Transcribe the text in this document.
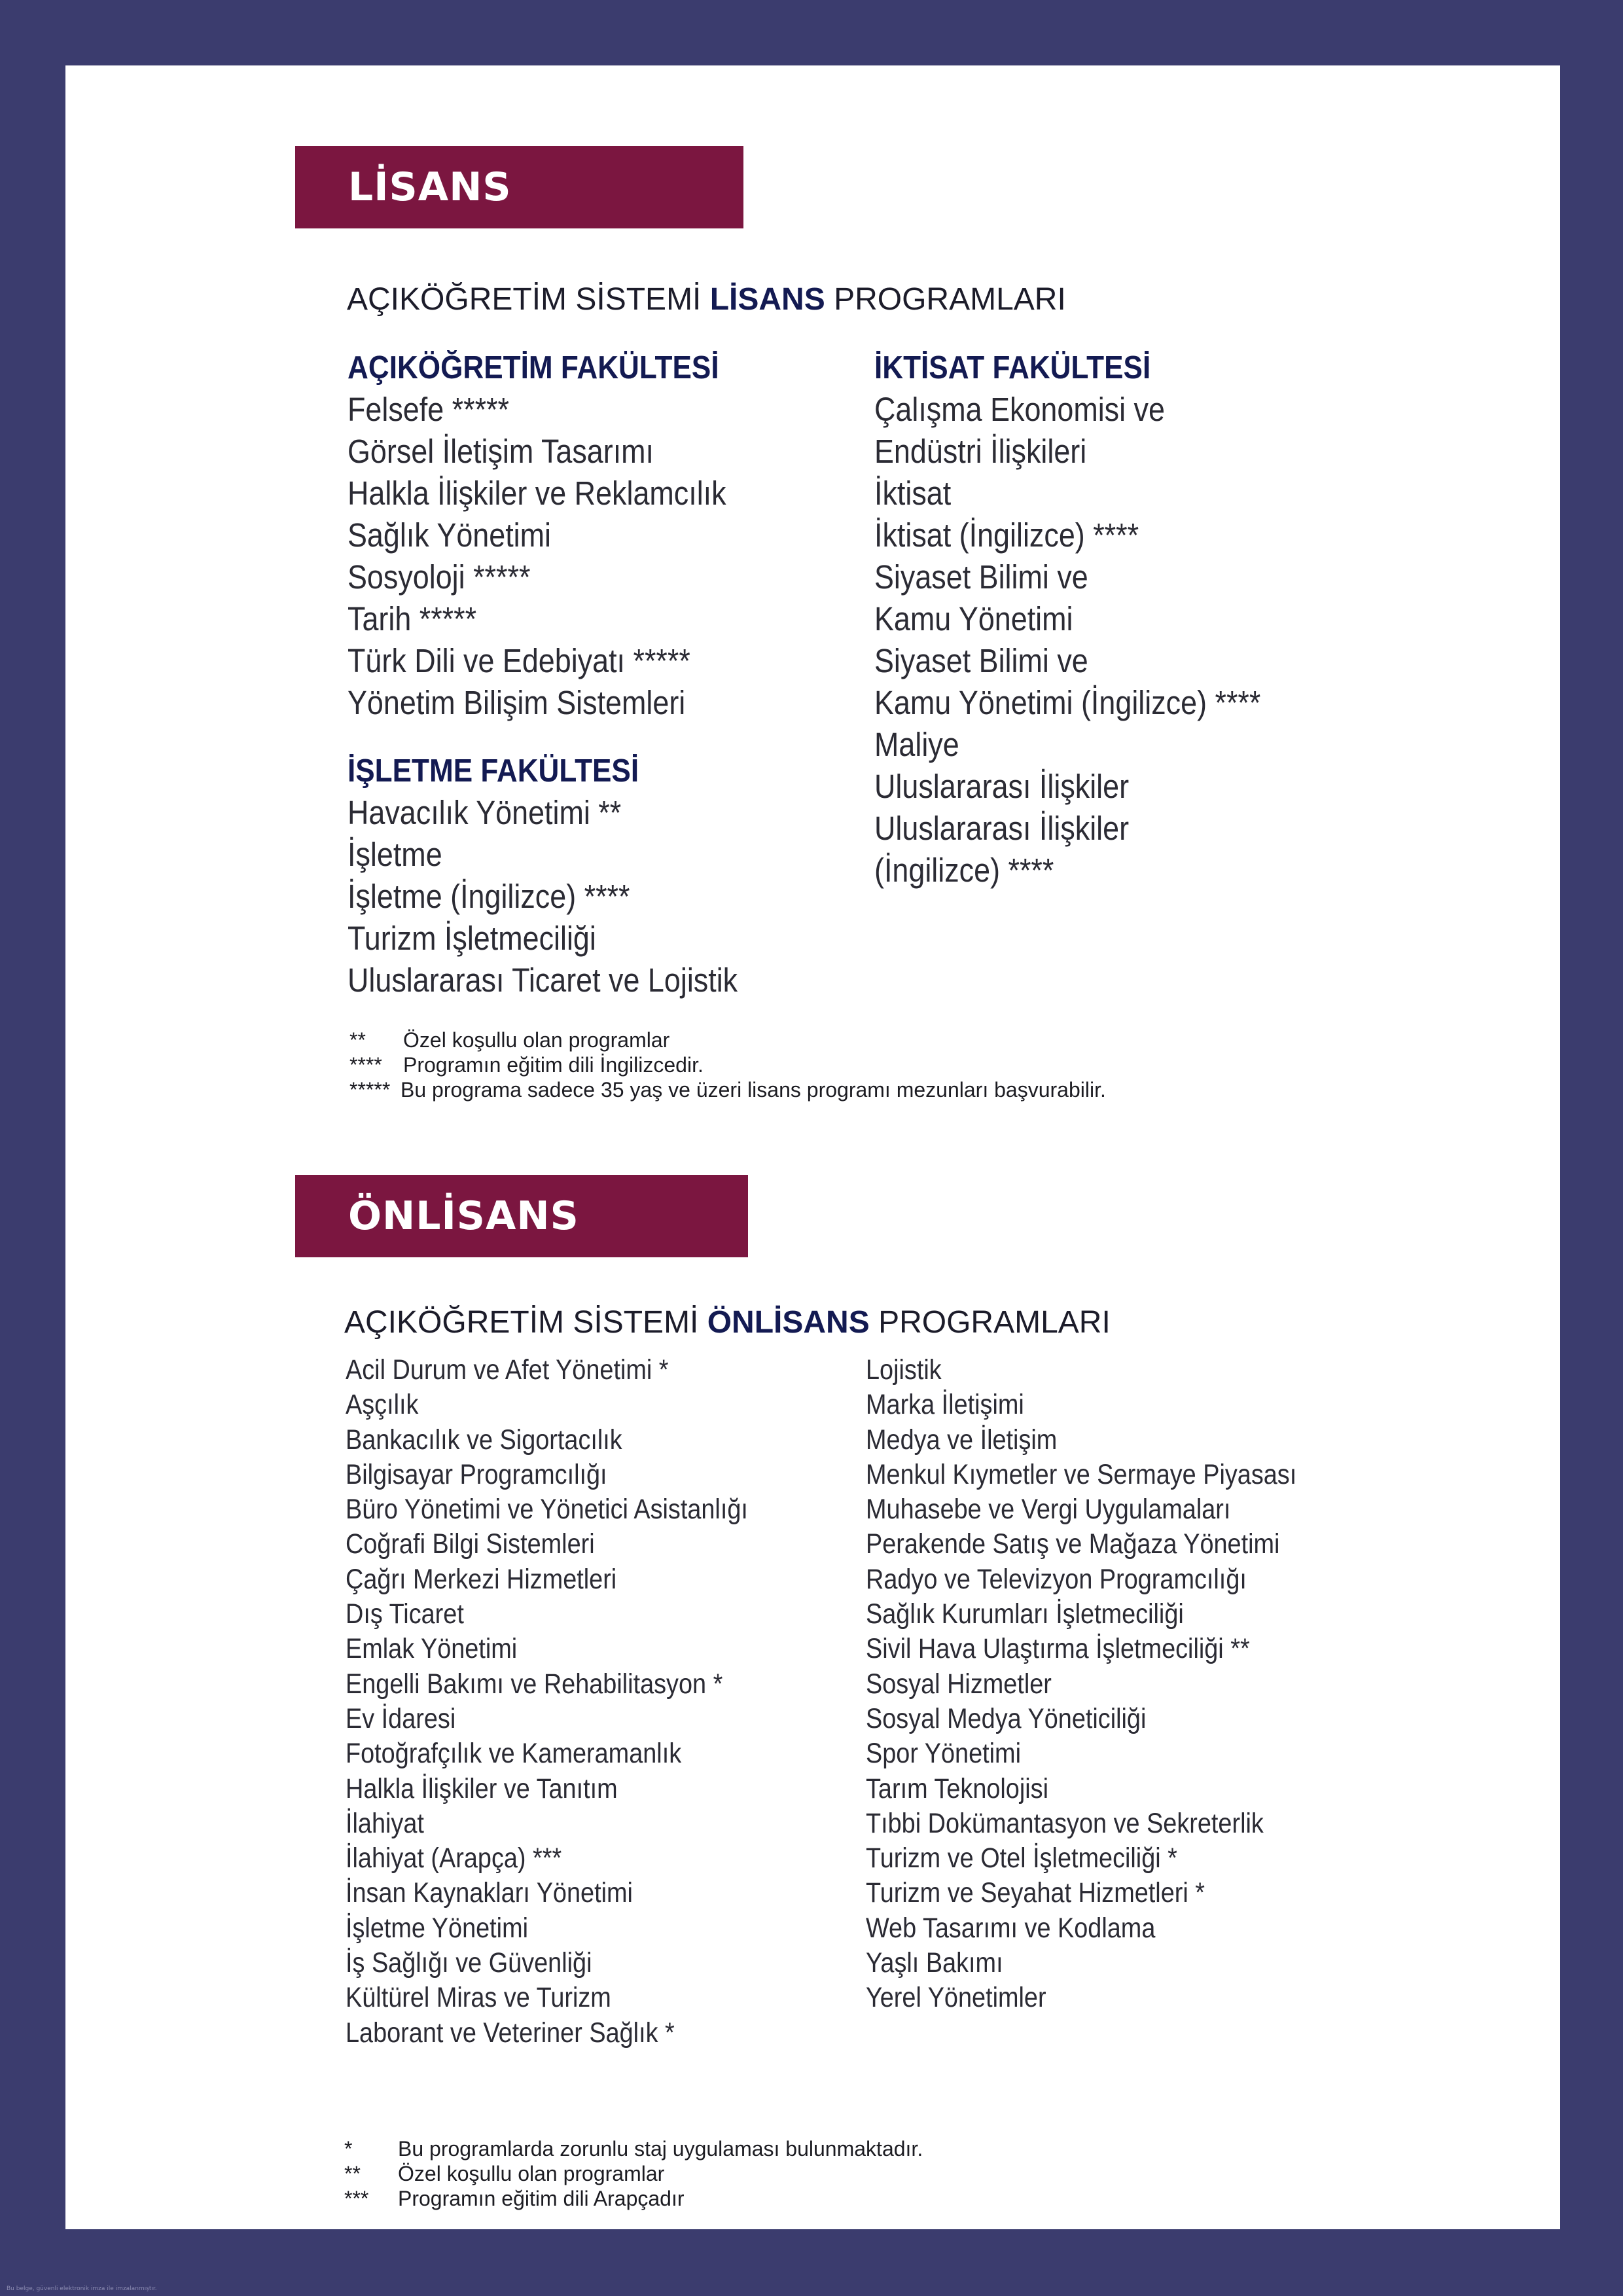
LİSANS
AÇIKÖĞRETİM SİSTEMİ LİSANS PROGRAMLARI
AÇIKÖĞRETİM FAKÜLTESİ
Felsefe *****
Görsel İletişim Tasarımı
Halkla İlişkiler ve Reklamcılık
Sağlık Yönetimi
Sosyoloji *****
Tarih *****
Türk Dili ve Edebiyatı *****
Yönetim Bilişim Sistemleri
İŞLETME FAKÜLTESİ
Havacılık Yönetimi **
İşletme
İşletme (İngilizce) ****
Turizm İşletmeciliği
Uluslararası Ticaret ve Lojistik
İKTİSAT FAKÜLTESİ
Çalışma Ekonomisi ve
Endüstri İlişkileri
İktisat
İktisat (İngilizce) ****
Siyaset Bilimi ve
Kamu Yönetimi
Siyaset Bilimi ve
Kamu Yönetimi (İngilizce) ****
Maliye
Uluslararası İlişkiler
Uluslararası İlişkiler
(İngilizce) ****
**	Özel koşullu olan programlar
****	Programın eğitim dili İngilizcedir.
***** Bu programa sadece 35 yaş ve üzeri lisans programı mezunları başvurabilir.
ÖNLİSANS
AÇIKÖĞRETİM SİSTEMİ ÖNLİSANS PROGRAMLARI
Acil Durum ve Afet Yönetimi *
Aşçılık
Bankacılık ve Sigortacılık
Bilgisayar Programcılığı
Büro Yönetimi ve Yönetici Asistanlığı
Coğrafi Bilgi Sistemleri
Çağrı Merkezi Hizmetleri
Dış Ticaret
Emlak Yönetimi
Engelli Bakımı ve Rehabilitasyon *
Ev İdaresi
Fotoğrafçılık ve Kameramanlık
Halkla İlişkiler ve Tanıtım
İlahiyat
İlahiyat (Arapça) ***
İnsan Kaynakları Yönetimi
İşletme Yönetimi
İş Sağlığı ve Güvenliği
Kültürel Miras ve Turizm
Laborant ve Veteriner Sağlık *
Lojistik
Marka İletişimi
Medya ve İletişim
Menkul Kıymetler ve Sermaye Piyasası
Muhasebe ve Vergi Uygulamaları
Perakende Satış ve Mağaza Yönetimi
Radyo ve Televizyon Programcılığı
Sağlık Kurumları İşletmeciliği
Sivil Hava Ulaştırma İşletmeciliği **
Sosyal Hizmetler
Sosyal Medya Yöneticiliği
Spor Yönetimi
Tarım Teknolojisi
Tıbbi Dokümantasyon ve Sekreterlik
Turizm ve Otel İşletmeciliği *
Turizm ve Seyahat Hizmetleri *
Web Tasarımı ve Kodlama
Yaşlı Bakımı
Yerel Yönetimler
*	Bu programlarda zorunlu staj uygulaması bulunmaktadır.
**	Özel koşullu olan programlar
***	Programın eğitim dili Arapçadır
Bu belge, güvenli elektronik imza ile imzalanmıştır.
